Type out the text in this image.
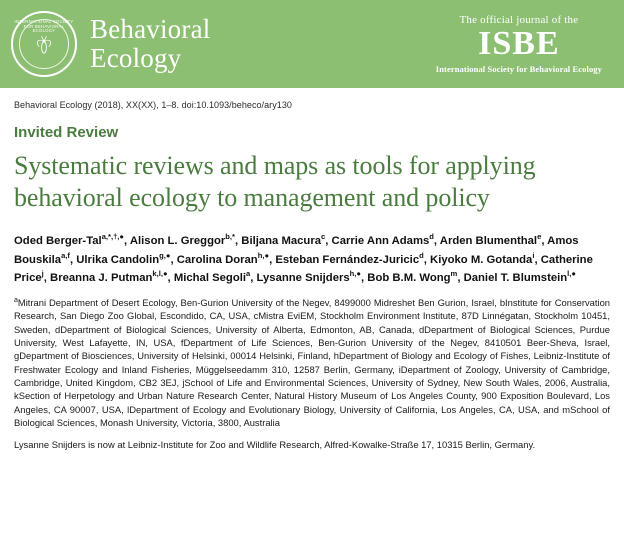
INTERNATIONAL SOCIETY FOR BEHAVIORAL ECOLOGY	Behavioral
Ecology
The official journal of the
ISBE
International Society for Behavioral Ecology
Behavioral Ecology (2018), XX(XX), 1–8. doi:10.1093/beheco/ary130
Invited Review
Systematic reviews and maps as tools for applying behavioral ecology to management and policy
Oded Berger-Tal$^{a,*,\dagger,●}$, Alison L. Greggor$^{b,*}$, Biljana Macura$^c$, Carrie Ann Adams$^d$, Arden Blumenthal$^e$, Amos Bouskila$^{a,f}$, Ulrika Candolin$^{g,●}$, Carolina Doran$^{h,●}$, Esteban Fernández-Juricic$^d$, Kiyoko M. Gotanda$^i$, Catherine Price$^j$, Breanna J. Putman$^{k,l,●}$, Michal Segoli$^a$, Lysanne Snijders$^{h,●}$, Bob B.M. Wong$^m$, Daniel T. Blumstein$^{l,●}$
$^a$Mitrani Department of Desert Ecology, Ben-Gurion University of the Negev, 8499000 Midreshet Ben Gurion, Israel, bInstitute for Conservation Research, San Diego Zoo Global, Escondido, CA, USA, cMistra EviEM, Stockholm Environment Institute, 87D Linnégatan, Stockholm 10451, Sweden, dDepartment of Biological Sciences, University of Alberta, Edmonton, AB, Canada, dDepartment of Biological Sciences, Purdue University, West Lafayette, IN, USA, fDepartment of Life Sciences, Ben-Gurion University of the Negev, 8410501 Beer-Sheva, Israel, gDepartment of Biosciences, University of Helsinki, 00014 Helsinki, Finland, hDepartment of Biology and Ecology of Fishes, Leibniz-Institute of Freshwater Ecology and Inland Fisheries, Müggelseedamm 310, 12587 Berlin, Germany, iDepartment of Zoology, University of Cambridge, Cambridge, United Kingdom, CB2 3EJ, jSchool of Life and Environmental Sciences, University of Sydney, New South Wales, 2006, Australia, kSection of Herpetology and Urban Nature Research Center, Natural History Museum of Los Angeles County, 900 Exposition Boulevard, Los Angeles, CA 90007, USA, lDepartment of Ecology and Evolutionary Biology, University of California, Los Angeles, CA, USA, and mSchool of Biological Sciences, Monash University, Victoria, 3800, Australia
Lysanne Snijders is now at Leibniz-Institute for Zoo and Wildlife Research, Alfred-Kowalke-Straße 17, 10315 Berlin, Germany.
